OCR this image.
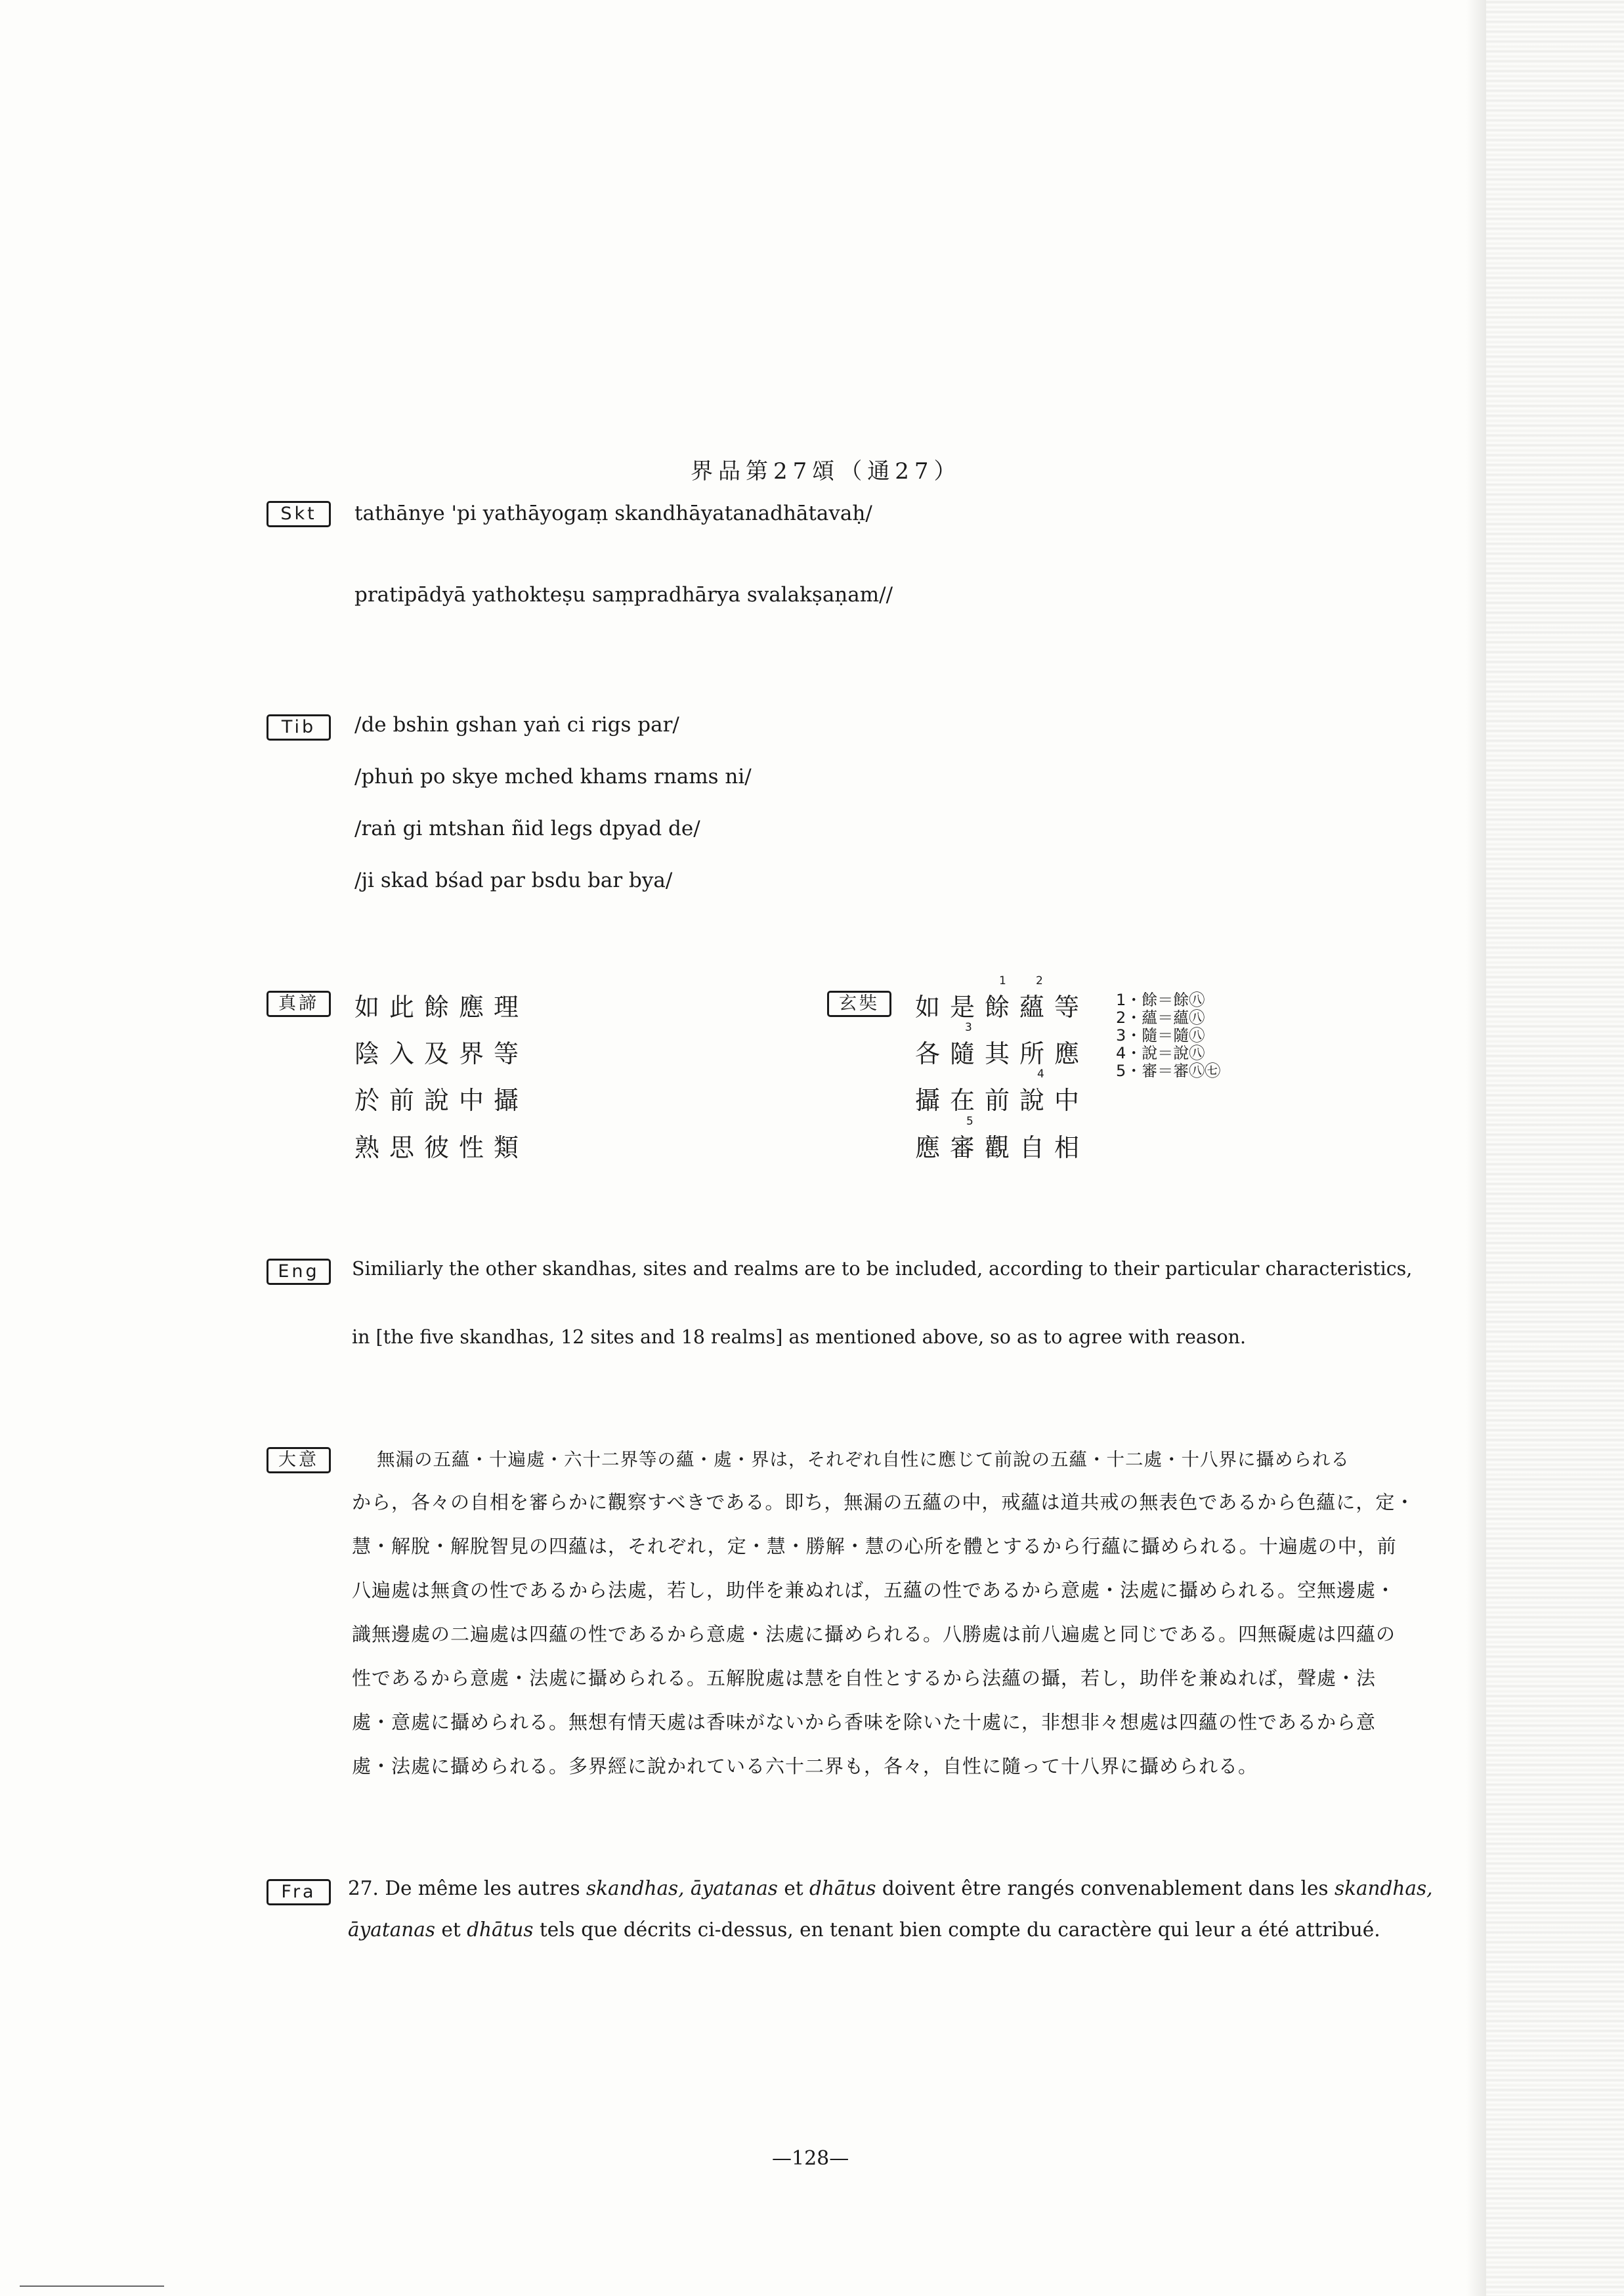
界品第27頌（通27）
Skt	tathānye 'pi yathāyogaṃ skandhāyatanadhātavaḥ/
pratipādyā yathokteṣu saṃpradhārya svalakṣaṇam//
Tib	/de bshin gshan yaṅ ci rigs par/
/phuṅ po skye mched khams rnams ni/
/raṅ gi mtshan ñid legs dpyad de/
/ji skad bśad par bsdu bar bya/
真諦	如此餘應理
陰入及界等
於前說中攝
熟思彼性類
玄奘	如是餘蘊等
各隨其所應
攝在前說中
應審觀自相
1	2
3
4
5
1・餘＝餘㊇
2・蘊＝蘊㊇
3・隨＝隨㊇
4・說＝說㊇
5・審＝審㊇㊆
Eng	Similiarly the other skandhas, sites and realms are to be included, according to their particular characteristics,
in [the five skandhas, 12 sites and 18 realms] as mentioned above, so as to agree with reason.
大意	無漏の五蘊・十遍處・六十二界等の蘊・處・界は，それぞれ自性に應じて前說の五蘊・十二處・十八界に攝められる
から，各々の自相を審らかに觀察すべきである。即ち，無漏の五蘊の中，戒蘊は道共戒の無表色であるから色蘊に，定・
慧・解脫・解脫智見の四蘊は，それぞれ，定・慧・勝解・慧の心所を體とするから行蘊に攝められる。十遍處の中，前
八遍處は無貪の性であるから法處，若し，助伴を兼ぬれば，五蘊の性であるから意處・法處に攝められる。空無邊處・
識無邊處の二遍處は四蘊の性であるから意處・法處に攝められる。八勝處は前八遍處と同じである。四無礙處は四蘊の
性であるから意處・法處に攝められる。五解脫處は慧を自性とするから法蘊の攝，若し，助伴を兼ぬれば，聲處・法
處・意處に攝められる。無想有情天處は香味がないから香味を除いた十處に，非想非々想處は四蘊の性であるから意
處・法處に攝められる。多界經に說かれている六十二界も，各々，自性に隨って十八界に攝められる。
Fra	27. De même les autres skandhas, āyatanas et dhātus doivent être rangés convenablement dans les skandhas,
āyatanas et dhātus tels que décrits ci-dessus, en tenant bien compte du caractère qui leur a été attribué.
—128—
